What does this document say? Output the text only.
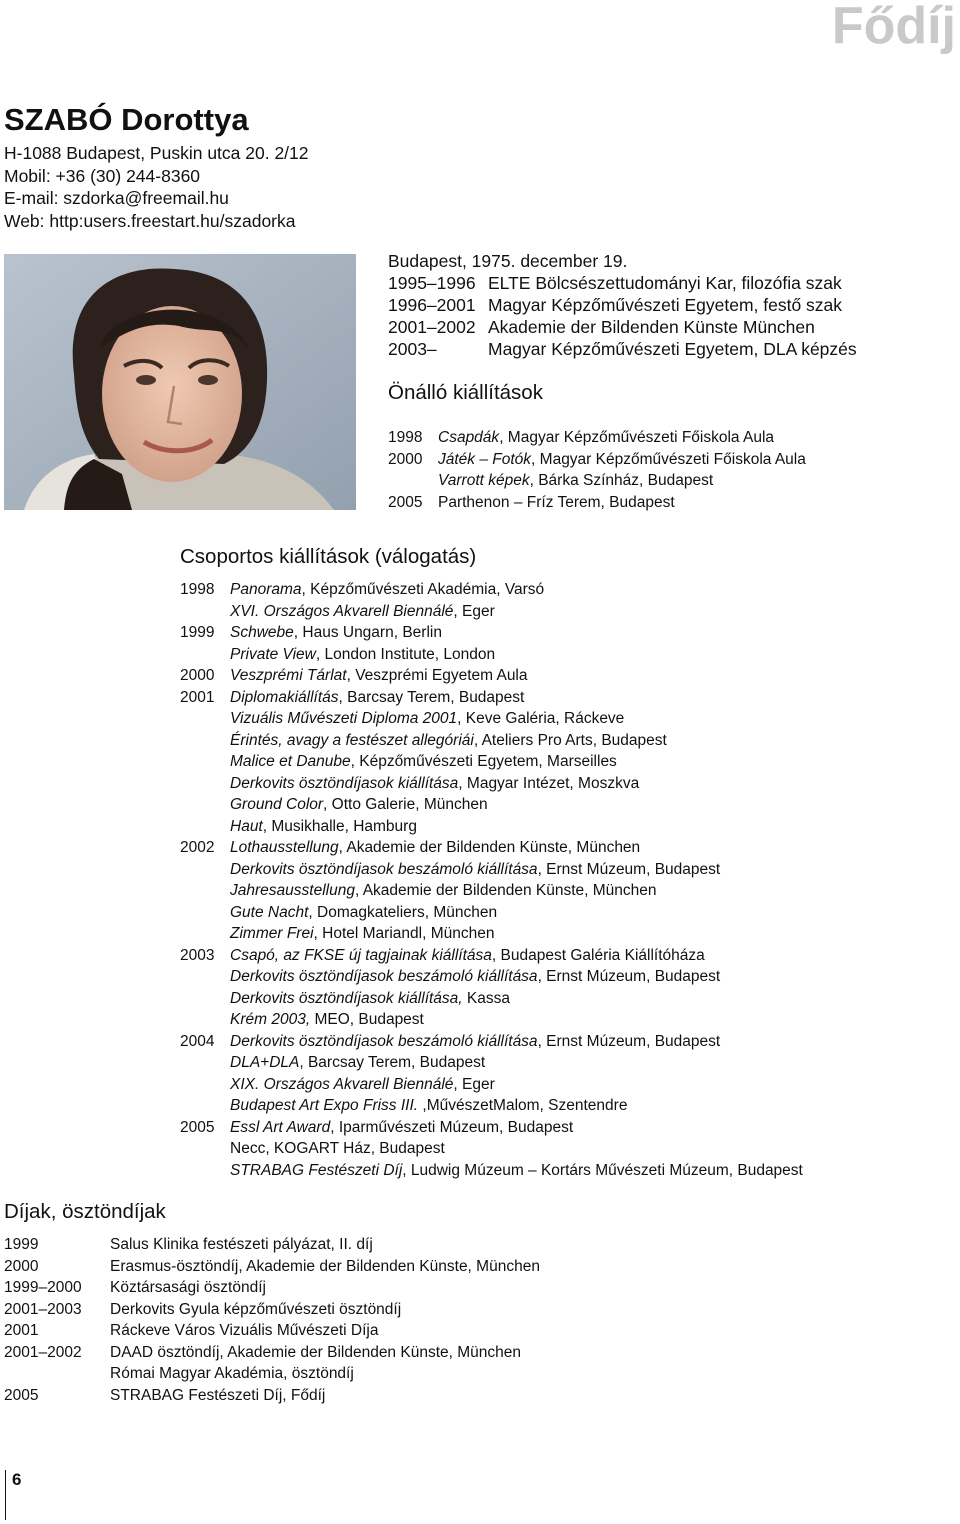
Fődíj
SZABÓ Dorottya
H-1088 Budapest, Puskin utca 20. 2/12
Mobil: +36 (30) 244-8360
E-mail: szdorka@freemail.hu
Web: http:users.freestart.hu/szadorka
Budapest, 1975. december 19.
1995–1996 ELTE Bölcsészettudományi Kar, filozófia szak
1996–2001 Magyar Képzőművészeti Egyetem, festő szak
2001–2002 Akademie der Bildenden Künste München
2003–	Magyar Képzőművészeti Egyetem, DLA képzés
Önálló kiállítások
1998 Csapdák, Magyar Képzőművészeti Főiskola Aula
2000 Játék – Fotók, Magyar Képzőművészeti Főiskola Aula
Varrott képek, Bárka Színház, Budapest
2005 Parthenon – Fríz Terem, Budapest
Csoportos kiállítások (válogatás)
1998 Panorama, Képzőművészeti Akadémia, Varsó
XVI. Országos Akvarell Biennálé, Eger
1999 Schwebe, Haus Ungarn, Berlin
Private View, London Institute, London
2000 Veszprémi Tárlat, Veszprémi Egyetem Aula
2001 Diplomakiállítás, Barcsay Terem, Budapest
Vizuális Művészeti Diploma 2001, Keve Galéria, Ráckeve
Érintés, avagy a festészet allegóriái, Ateliers Pro Arts, Budapest
Malice et Danube, Képzőművészeti Egyetem, Marseilles
Derkovits ösztöndíjasok kiállítása, Magyar Intézet, Moszkva
Ground Color, Otto Galerie, München
Haut, Musikhalle, Hamburg
2002 Lothausstellung, Akademie der Bildenden Künste, München
Derkovits ösztöndíjasok beszámoló kiállítása, Ernst Múzeum, Budapest
Jahresausstellung, Akademie der Bildenden Künste, München
Gute Nacht, Domagkateliers, München
Zimmer Frei, Hotel Mariandl, München
2003 Csapó, az FKSE új tagjainak kiállítása, Budapest Galéria Kiállítóháza
Derkovits ösztöndíjasok beszámoló kiállítása, Ernst Múzeum, Budapest
Derkovits ösztöndíjasok kiállítása, Kassa
Krém 2003, MEO, Budapest
2004 Derkovits ösztöndíjasok beszámoló kiállítása, Ernst Múzeum, Budapest
DLA+DLA, Barcsay Terem, Budapest
XIX. Országos Akvarell Biennálé, Eger
Budapest Art Expo Friss III. ,MűvészetMalom, Szentendre
2005 Essl Art Award, Iparművészeti Múzeum, Budapest
Necc, KOGART Ház, Budapest
STRABAG Festészeti Díj, Ludwig Múzeum – Kortárs Művészeti Múzeum, Budapest
Díjak, ösztöndíjak
1999	Salus Klinika festészeti pályázat, II. díj
2000	Erasmus-ösztöndíj, Akademie der Bildenden Künste, München
1999–2000 Köztársasági ösztöndíj
2001–2003 Derkovits Gyula képzőművészeti ösztöndíj
2001	Ráckeve Város Vizuális Művészeti Díja
2001–2002 DAAD ösztöndíj, Akademie der Bildenden Künste, München
Római Magyar Akadémia, ösztöndíj
2005	STRABAG Festészeti Díj, Fődíj
6
